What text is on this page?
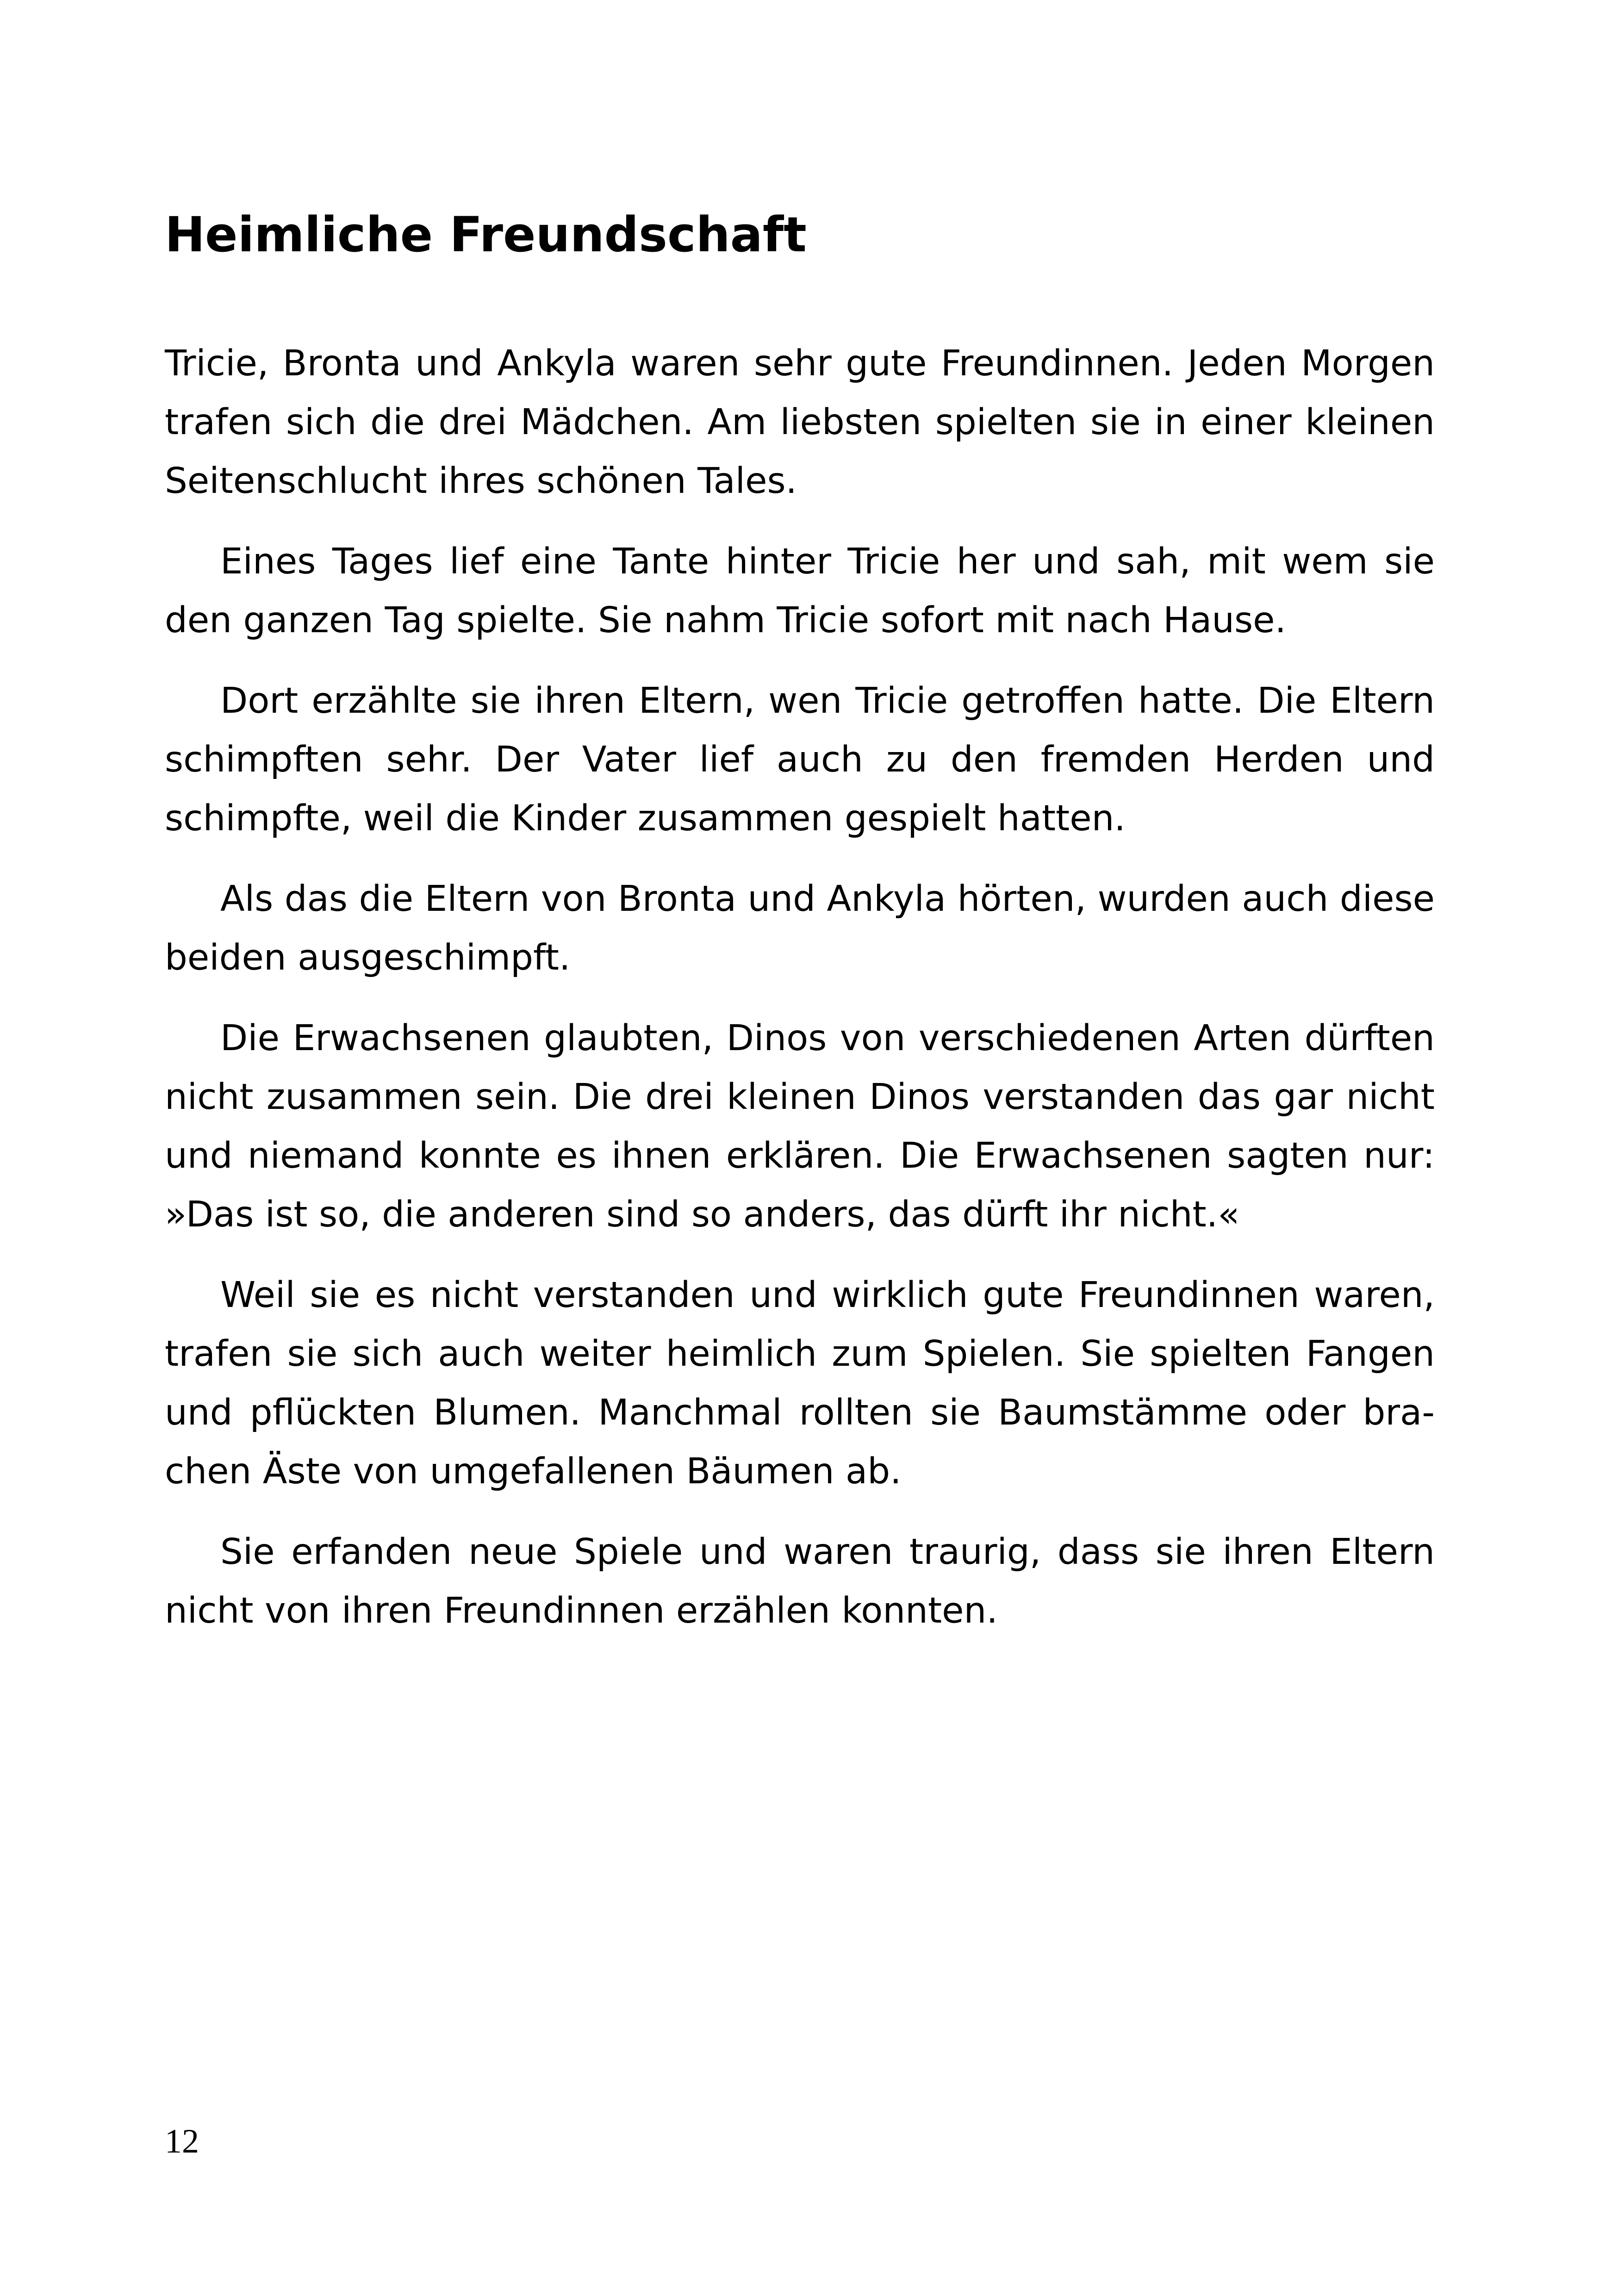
Heimliche Freundschaft

Tricie, Bronta und Ankyla waren sehr gute Freundinnen. Jeden Morgen trafen sich die drei Mädchen. Am liebsten spielten sie in einer kleinen Seitenschlucht ihres schönen Tales.

Eines Tages lief eine Tante hinter Tricie her und sah, mit wem sie den ganzen Tag spielte. Sie nahm Tricie sofort mit nach Hause.

Dort erzählte sie ihren Eltern, wen Tricie getroffen hatte. Die Eltern schimpften sehr. Der Vater lief auch zu den fremden Herden und schimpfte, weil die Kinder zusammen gespielt hatten.

Als das die Eltern von Bronta und Ankyla hörten, wurden auch diese beiden ausgeschimpft.

Die Erwachsenen glaubten, Dinos von verschiedenen Arten dürften nicht zusammen sein. Die drei kleinen Dinos verstanden das gar nicht und niemand konnte es ihnen erklären. Die Erwachsenen sagten nur: »Das ist so, die anderen sind so anders, das dürft ihr nicht.«

Weil sie es nicht verstanden und wirklich gute Freundinnen waren, trafen sie sich auch weiter heimlich zum Spielen. Sie spielten Fangen und pflückten Blumen. Manchmal rollten sie Baumstämme oder brachen Äste von umgefallenen Bäumen ab.

Sie erfanden neue Spiele und waren traurig, dass sie ihren Eltern nicht von ihren Freundinnen erzählen konnten.

12
